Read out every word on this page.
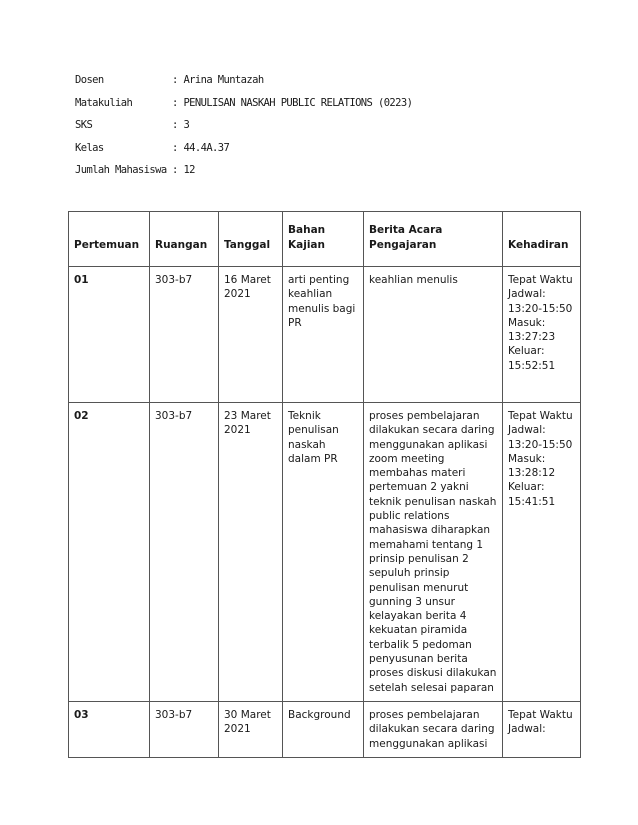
Dosen	: Arina Muntazah
Matakuliah	: PENULISAN NASKAH PUBLIC RELATIONS (0223)
SKS	: 3
Kelas	: 44.4A.37
Jumlah Mahasiswa : 12
Pertemuan	Ruangan	Tanggal	Bahan Kajian	Berita Acara Pengajaran	Kehadiran
01	303-b7	16 Maret 2021	arti penting keahlian menulis bagi PR	keahlian menulis	Tepat Waktu Jadwal: 13:20-15:50 Masuk: 13:27:23 Keluar: 15:52:51
02	303-b7	23 Maret 2021	Teknik penulisan naskah dalam PR	proses pembelajaran dilakukan secara daring menggunakan aplikasi zoom meeting membahas materi pertemuan 2 yakni teknik penulisan naskah public relations mahasiswa diharapkan memahami tentang 1 prinsip penulisan 2 sepuluh prinsip penulisan menurut gunning 3 unsur kelayakan berita 4 kekuatan piramida terbalik 5 pedoman penyusunan berita proses diskusi dilakukan setelah selesai paparan	Tepat Waktu Jadwal: 13:20-15:50 Masuk: 13:28:12 Keluar: 15:41:51
03	303-b7	30 Maret 2021	Background	proses pembelajaran dilakukan secara daring menggunakan aplikasi	Tepat Waktu Jadwal:
